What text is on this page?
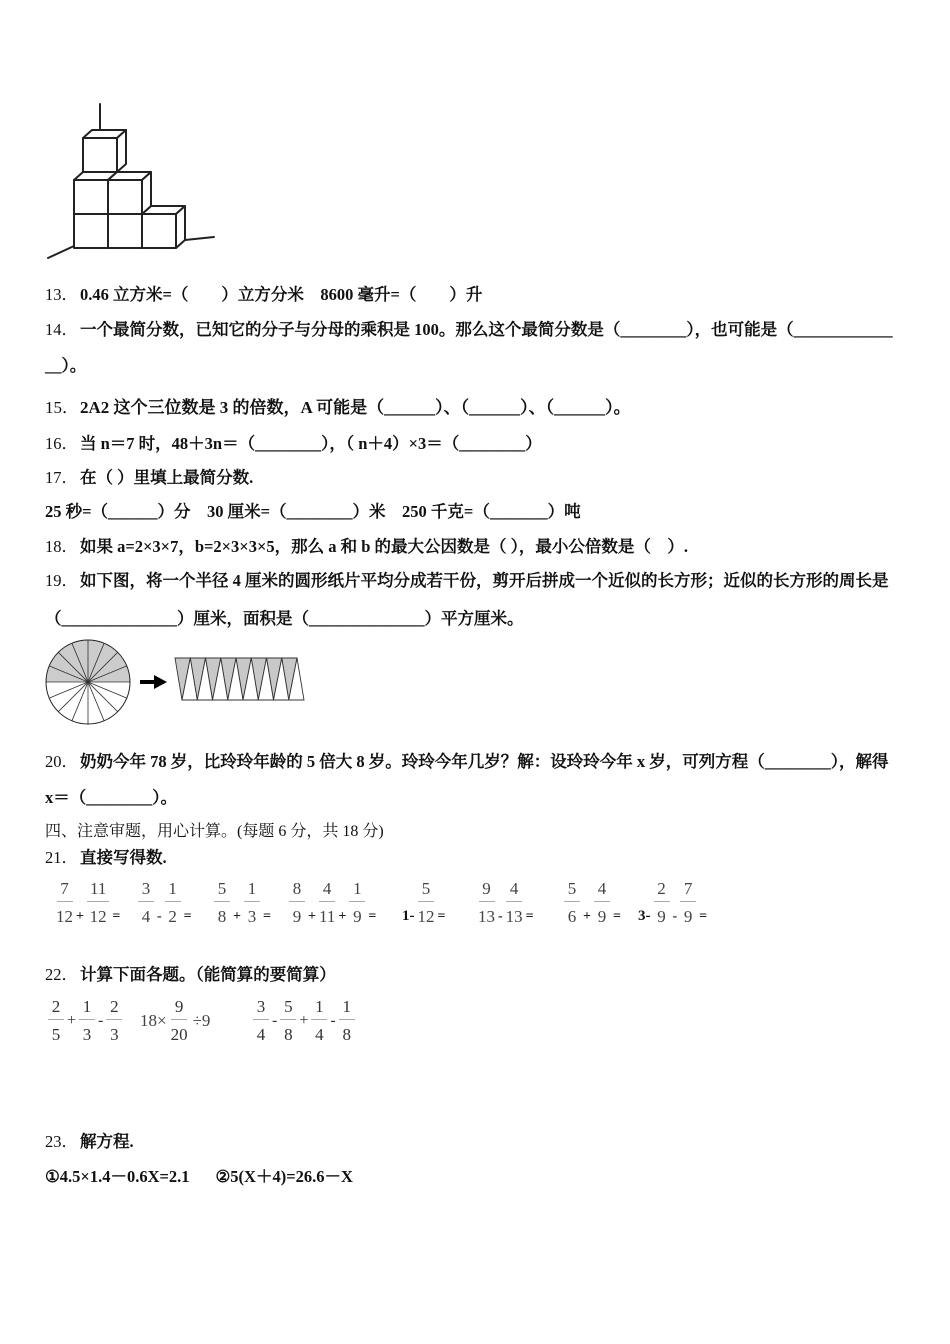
13． 0.46 立方米=（　　）立方分米　8600 毫升=（　　）升
14． 一个最简分数，已知它的分子与分母的乘积是 100。那么这个最简分数是（________），也可能是（____________
__）。
15．2A2 这个三位数是 3 的倍数，A 可能是（______）、（______）、（______）。
16． 当 n＝7 时，48＋3n＝（________），（ n＋4）×3＝（________）
17． 在（ ）里填上最简分数.
25 秒=（______）分　30 厘米=（________）米　250 千克=（_______）吨
18． 如果 a=2×3×7，b=2×3×3×5，那么 a 和 b 的最大公因数是（ ），最小公倍数是（　）.
19． 如下图，将一个半径 4 厘米的圆形纸片平均分成若干份，剪开后拼成一个近似的长方形；近似的长方形的周长是
（______________）厘米，面积是（______________）平方厘米。
20． 奶奶今年 78 岁，比玲玲年龄的 5 倍大 8 岁。玲玲今年几岁？解：设玲玲今年 x 岁，可列方程（________），解得
x＝（________）。
四、注意审题，用心计算。(每题 6 分，共 18 分)
21． 直接写得数.
$\frac{7}{12} + \frac{11}{12} = \frac{3}{4} - \frac{1}{2} = \frac{5}{8} + \frac{1}{3} = \frac{8}{9} + \frac{4}{11} + \frac{1}{9} = 1- \frac{5}{12} = \frac{9}{13} - \frac{4}{13} = \frac{5}{6} + \frac{4}{9} = 3- \frac{2}{9} - \frac{7}{9}$ =
22． 计算下面各题。（能简算的要简算）
$\frac{2}{5} + \frac{1}{3} - \frac{2}{3} 18\times \frac{9}{20} \div 9$	$\frac{3}{4} - \frac{5}{8} + \frac{1}{4} - \frac{1}{8}$
23． 解方程.
①4.5×1.4－0.6X=2.1 ②5(X＋4)=26.6－X
